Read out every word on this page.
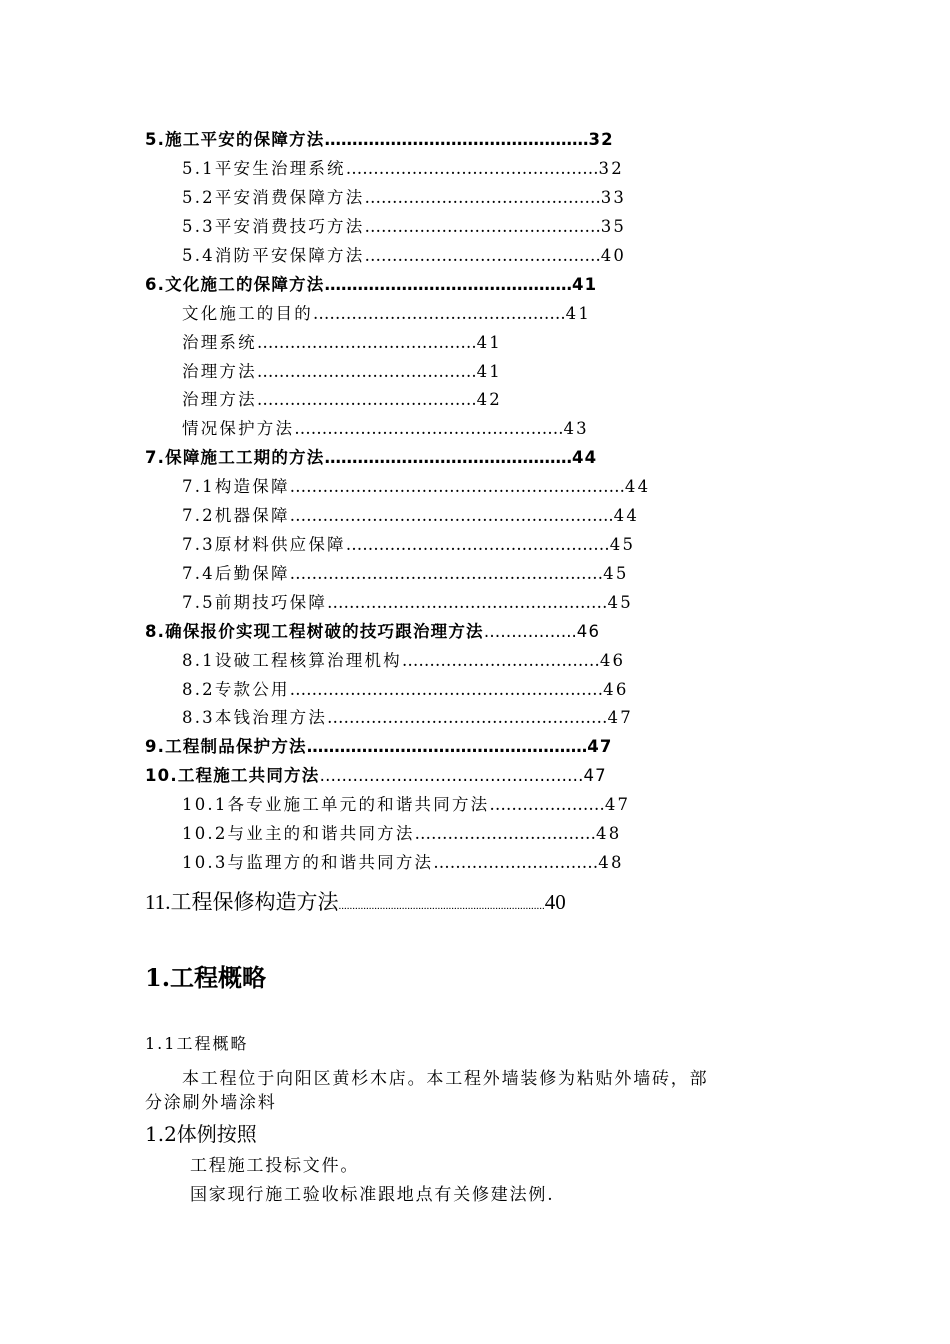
5.施工平安的保障方法…………………………………………32
5.1平安生治理系统……………………………………….32
5.2平安消费保障方法…………………………………….33
5.3平安消费技巧方法…………………………………….35
5.4消防平安保障方法…………………………………….40
6.文化施工的保障方法………………………………………41
文化施工的目的……………………………………….41
治理系统………………………………….41
治理方法………………………………….41
治理方法………………………………….42
情况保护方法………………………………………….43
7.保障施工工期的方法………………………………………44
7.1构造保障…………………………………………………….44
7.2机器保障…………………………………………………..44
7.3原材料供应保障…………………………………………45
7.4后勤保障…………………………………………………45
7.5前期技巧保障……………………………………………45
8.确保报价实现工程树破的技巧跟治理方法……………..46
8.1设破工程核算治理机构………………………………46
8.2专款公用…………………………………………………46
8.3本钱治理方法……………………………………………47
9.工程制品保护方法……………………………………………47
10.工程施工共同方法…………………………………………47
10.1各专业施工单元的和谐共同方法…………………47
10.2与业主的和谐共同方法……………………………48
10.3与监理方的和谐共同方法…………………………48
11.工程保修构造方法...........................................................................40
1.工程概略
1.1工程概略
本工程位于向阳区黄杉木店。本工程外墙装修为粘贴外墙砖，部
分涂刷外墙涂料
1.2体例按照
工程施工投标文件。
国家现行施工验收标准跟地点有关修建法例.
